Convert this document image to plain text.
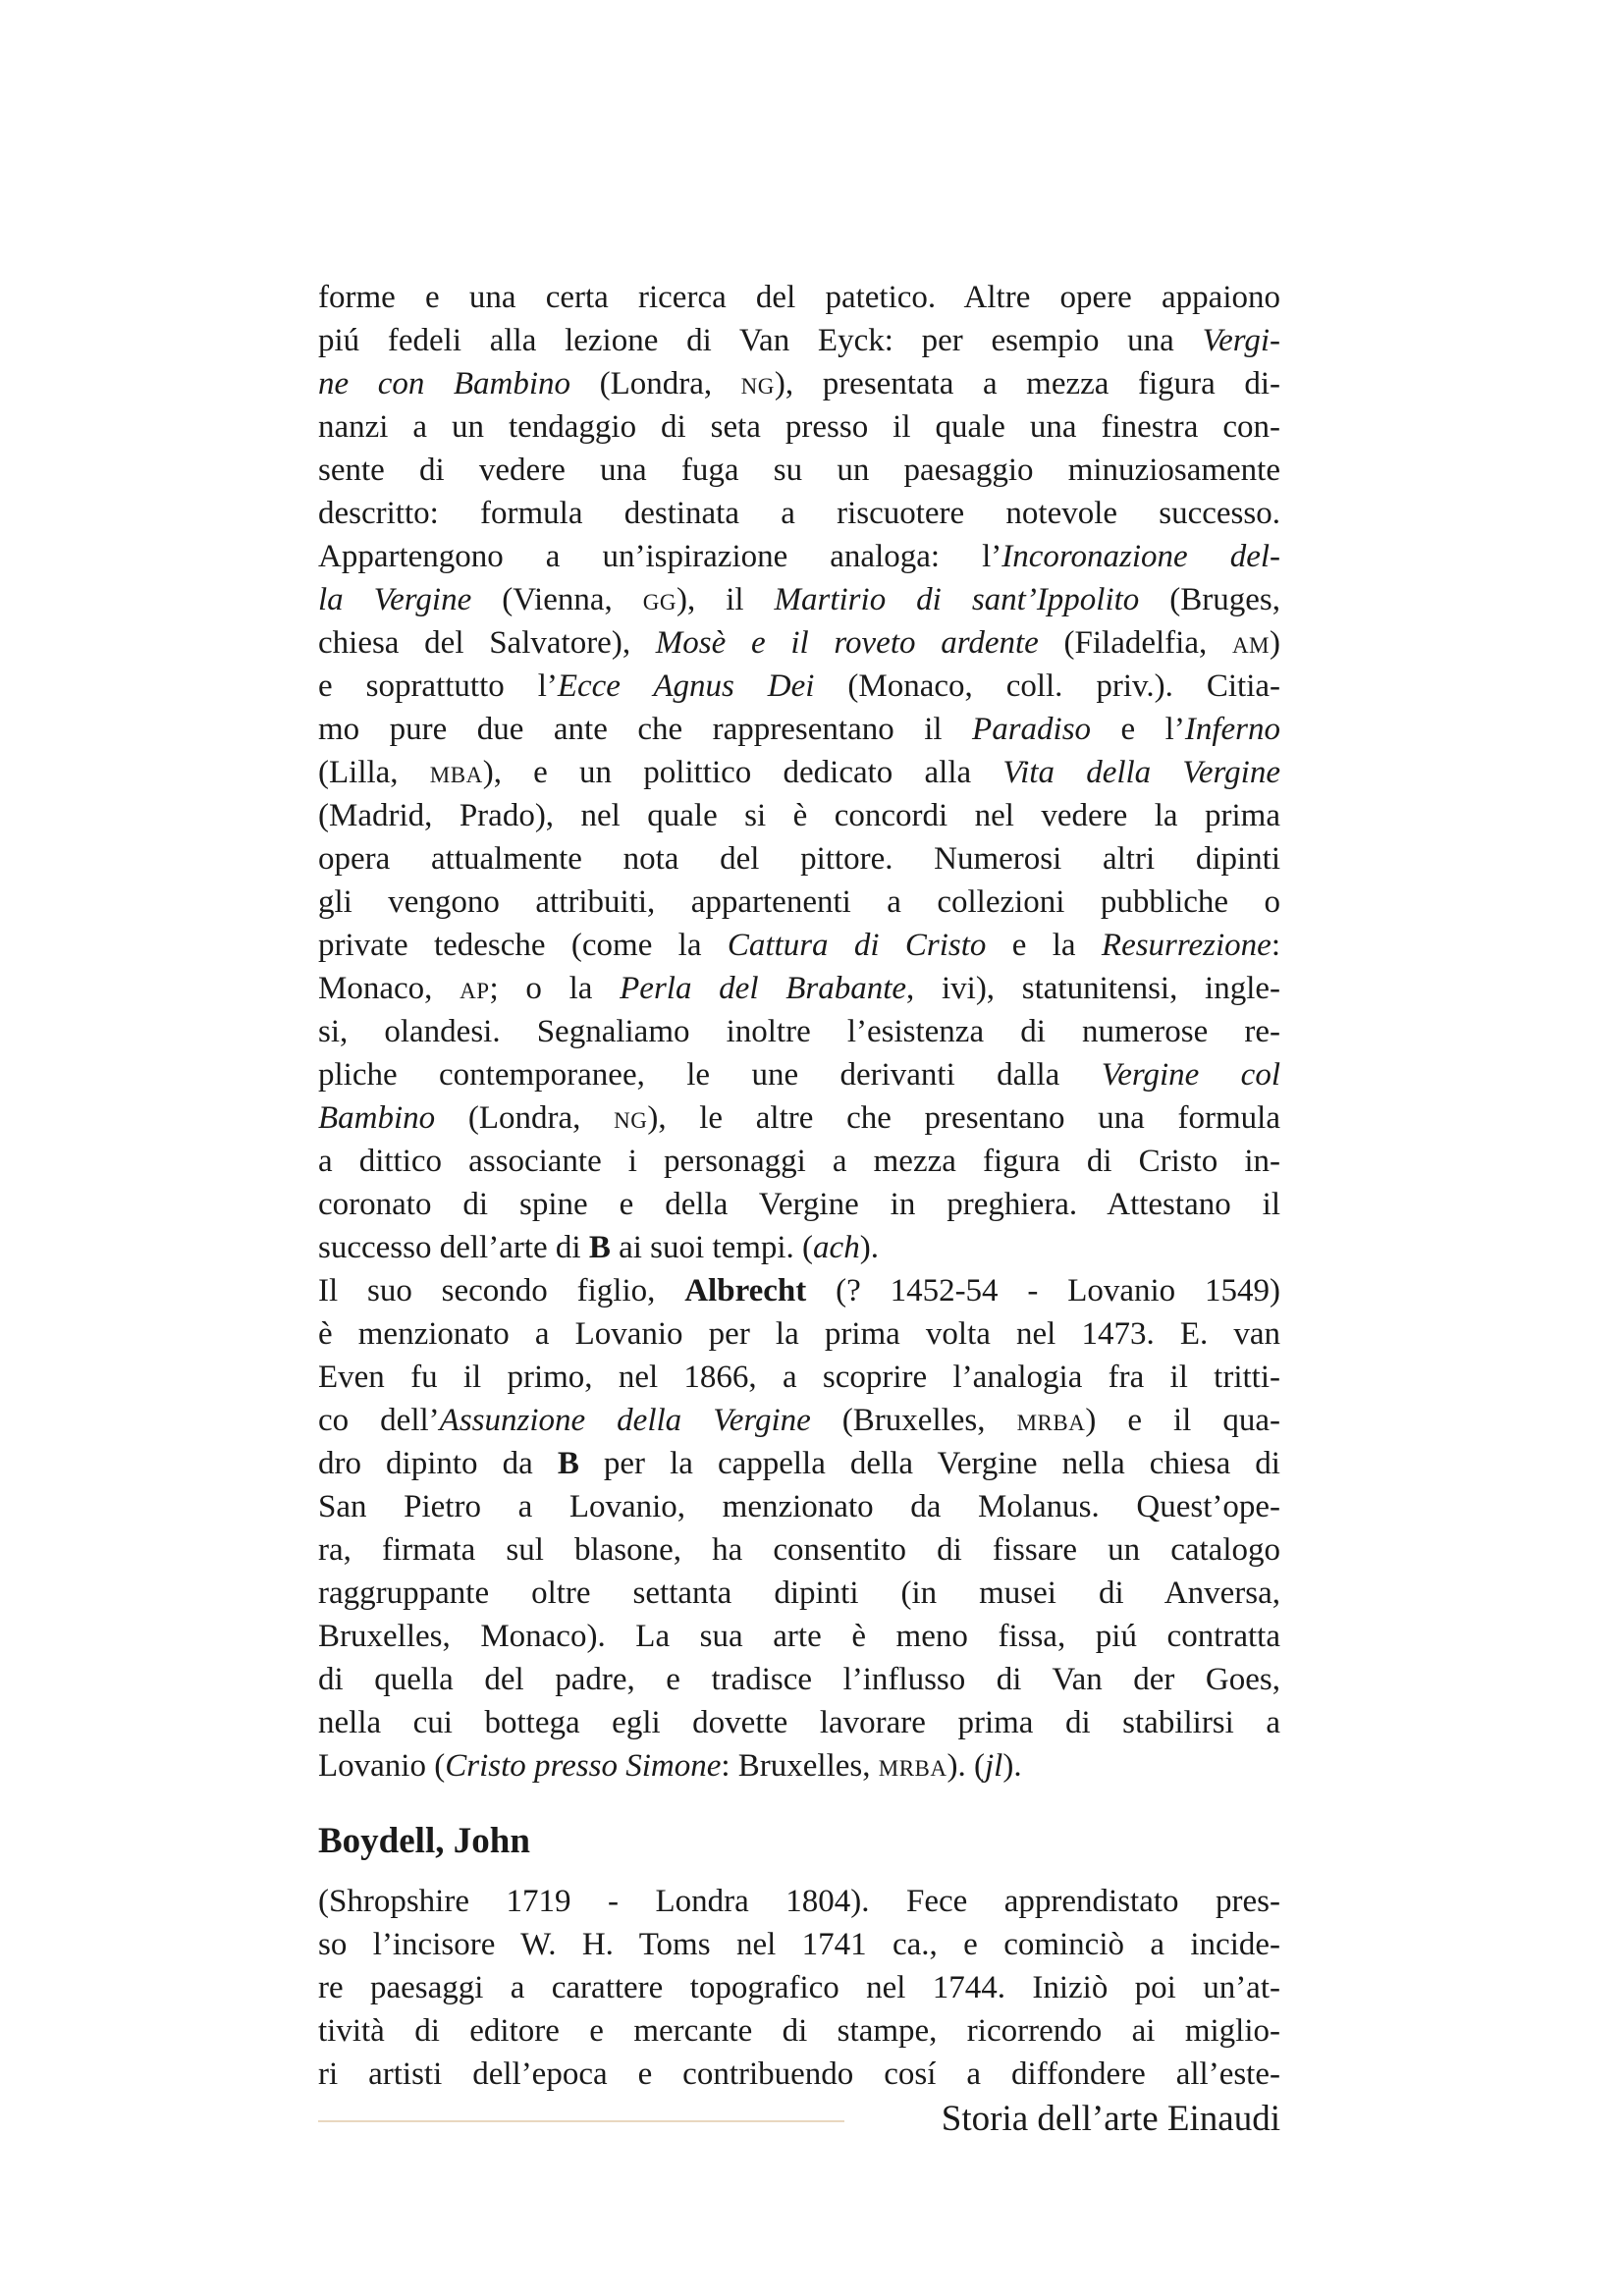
forme e una certa ricerca del patetico. Altre opere appaiono
piú fedeli alla lezione di Van Eyck: per esempio una Vergi-
ne con Bambino (Londra, ng), presentata a mezza figura di-
nanzi a un tendaggio di seta presso il quale una finestra con-
sente di vedere una fuga su un paesaggio minuziosamente
descritto: formula destinata a riscuotere notevole successo.
Appartengono a un’ispirazione analoga: l’Incoronazione del-
la Vergine (Vienna, gg), il Martirio di sant’Ippolito (Bruges,
chiesa del Salvatore), Mosè e il roveto ardente (Filadelfia, am)
e soprattutto l’Ecce Agnus Dei (Monaco, coll. priv.). Citia-
mo pure due ante che rappresentano il Paradiso e l’Inferno
(Lilla, mba), e un polittico dedicato alla Vita della Vergine
(Madrid, Prado), nel quale si è concordi nel vedere la prima
opera attualmente nota del pittore. Numerosi altri dipinti
gli vengono attribuiti, appartenenti a collezioni pubbliche o
private tedesche (come la Cattura di Cristo e la Resurrezione:
Monaco, ap; o la Perla del Brabante, ivi), statunitensi, ingle-
si, olandesi. Segnaliamo inoltre l’esistenza di numerose re-
pliche contemporanee, le une derivanti dalla Vergine col
Bambino (Londra, ng), le altre che presentano una formula
a dittico associante i personaggi a mezza figura di Cristo in-
coronato di spine e della Vergine in preghiera. Attestano il
successo dell’arte di B ai suoi tempi. (ach).
Il suo secondo figlio, Albrecht (? 1452-54 - Lovanio 1549)
è menzionato a Lovanio per la prima volta nel 1473. E. van
Even fu il primo, nel 1866, a scoprire l’analogia fra il tritti-
co dell’Assunzione della Vergine (Bruxelles, mrba) e il qua-
dro dipinto da B per la cappella della Vergine nella chiesa di
San Pietro a Lovanio, menzionato da Molanus. Quest’ope-
ra, firmata sul blasone, ha consentito di fissare un catalogo
raggruppante oltre settanta dipinti (in musei di Anversa,
Bruxelles, Monaco). La sua arte è meno fissa, piú contratta
di quella del padre, e tradisce l’influsso di Van der Goes,
nella cui bottega egli dovette lavorare prima di stabilirsi a
Lovanio (Cristo presso Simone: Bruxelles, mrba). (jl).
Boydell, John
(Shropshire 1719 - Londra 1804). Fece apprendistato pres-
so l’incisore W. H. Toms nel 1741 ca., e cominciò a incide-
re paesaggi a carattere topografico nel 1744. Iniziò poi un’at-
tività di editore e mercante di stampe, ricorrendo ai miglio-
ri artisti dell’epoca e contribuendo cosí a diffondere all’este-
Storia dell’arte Einaudi
